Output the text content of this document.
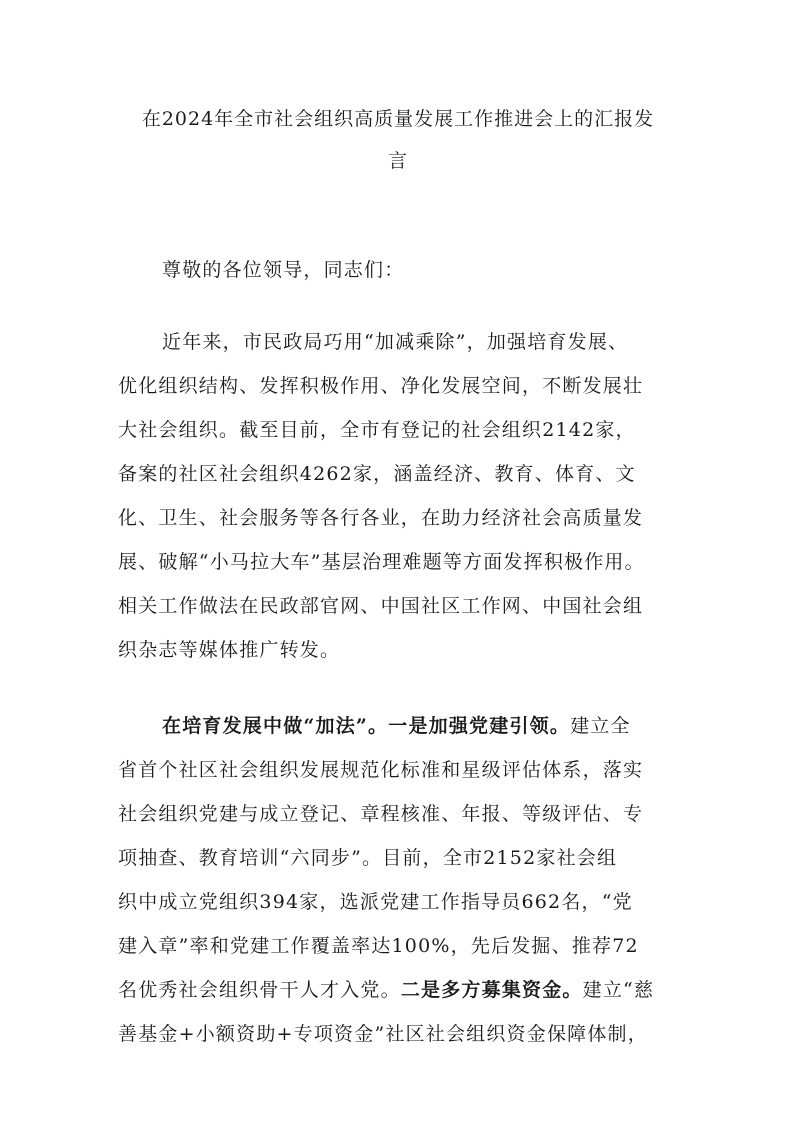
在2024年全市社会组织高质量发展工作推进会上的汇报发
言
尊敬的各位领导，同志们：
近年来，市民政局巧用“加减乘除”，加强培育发展、
优化组织结构、发挥积极作用、净化发展空间，不断发展壮
大社会组织。截至目前，全市有登记的社会组织2142家，
备案的社区社会组织4262家，涵盖经济、教育、体育、文
化、卫生、社会服务等各行各业，在助力经济社会高质量发
展、破解“小马拉大车”基层治理难题等方面发挥积极作用。
相关工作做法在民政部官网、中国社区工作网、中国社会组
织杂志等媒体推广转发。
在培育发展中做“加法”。一是加强党建引领。建立全
省首个社区社会组织发展规范化标准和星级评估体系，落实
社会组织党建与成立登记、章程核准、年报、等级评估、专
项抽查、教育培训“六同步”。目前，全市2152家社会组
织中成立党组织394家，选派党建工作指导员662名，“党
建入章”率和党建工作覆盖率达100%，先后发掘、推荐72
名优秀社会组织骨干人才入党。二是多方募集资金。建立“慈
善基金+小额资助+专项资金”社区社会组织资金保障体制，
